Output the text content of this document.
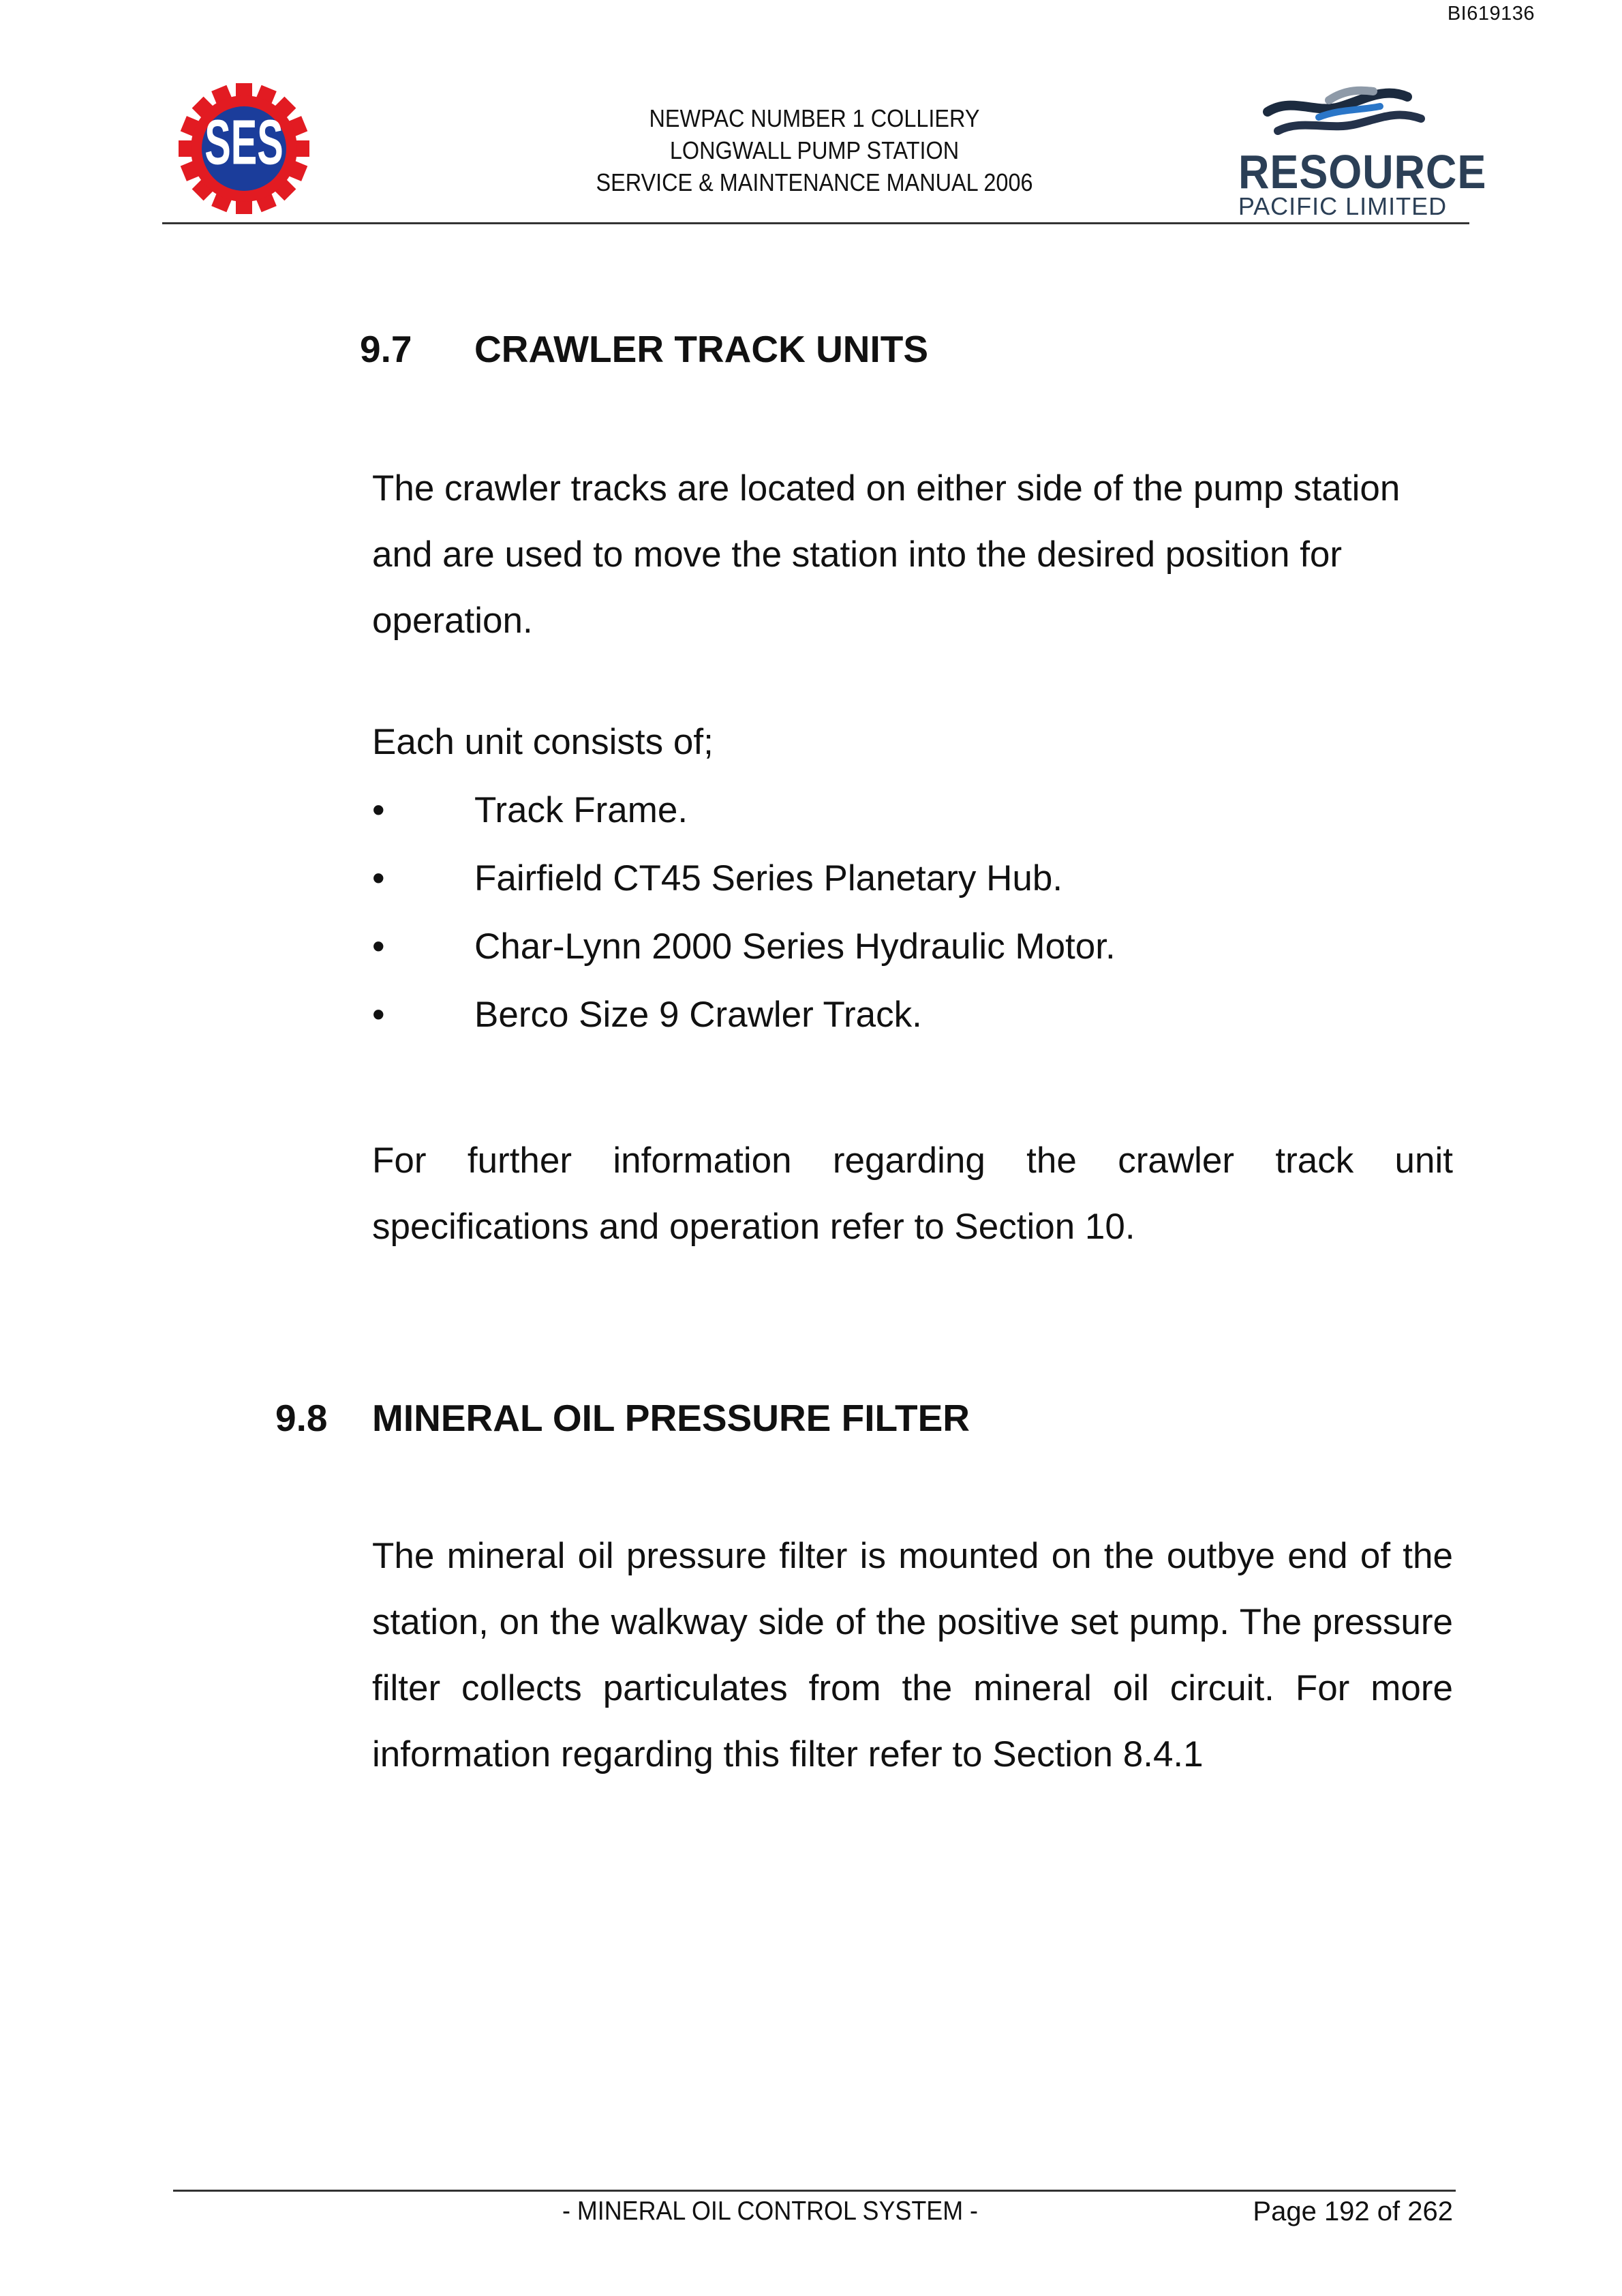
BI619136
SES	NEWPAC NUMBER 1 COLLIERY
LONGWALL PUMP STATION
SERVICE & MAINTENANCE MANUAL 2006	RESOURCE
PACIFIC LIMITED
9.7 CRAWLER TRACK UNITS
The crawler tracks are located on either side of the pump station and are used to move the station into the desired position for operation.
Each unit consists of;
•	Track Frame.
•	Fairfield CT45 Series Planetary Hub.
•	Char-Lynn 2000 Series Hydraulic Motor.
•	Berco Size 9 Crawler Track.
For further information regarding the crawler track unit specifications and operation refer to Section 10.
9.8 MINERAL OIL PRESSURE FILTER
The mineral oil pressure filter is mounted on the outbye end of the station, on the walkway side of the positive set pump. The pressure filter collects particulates from the mineral oil circuit. For more information regarding this filter refer to Section 8.4.1
- MINERAL OIL CONTROL SYSTEM -	Page 192 of 262
